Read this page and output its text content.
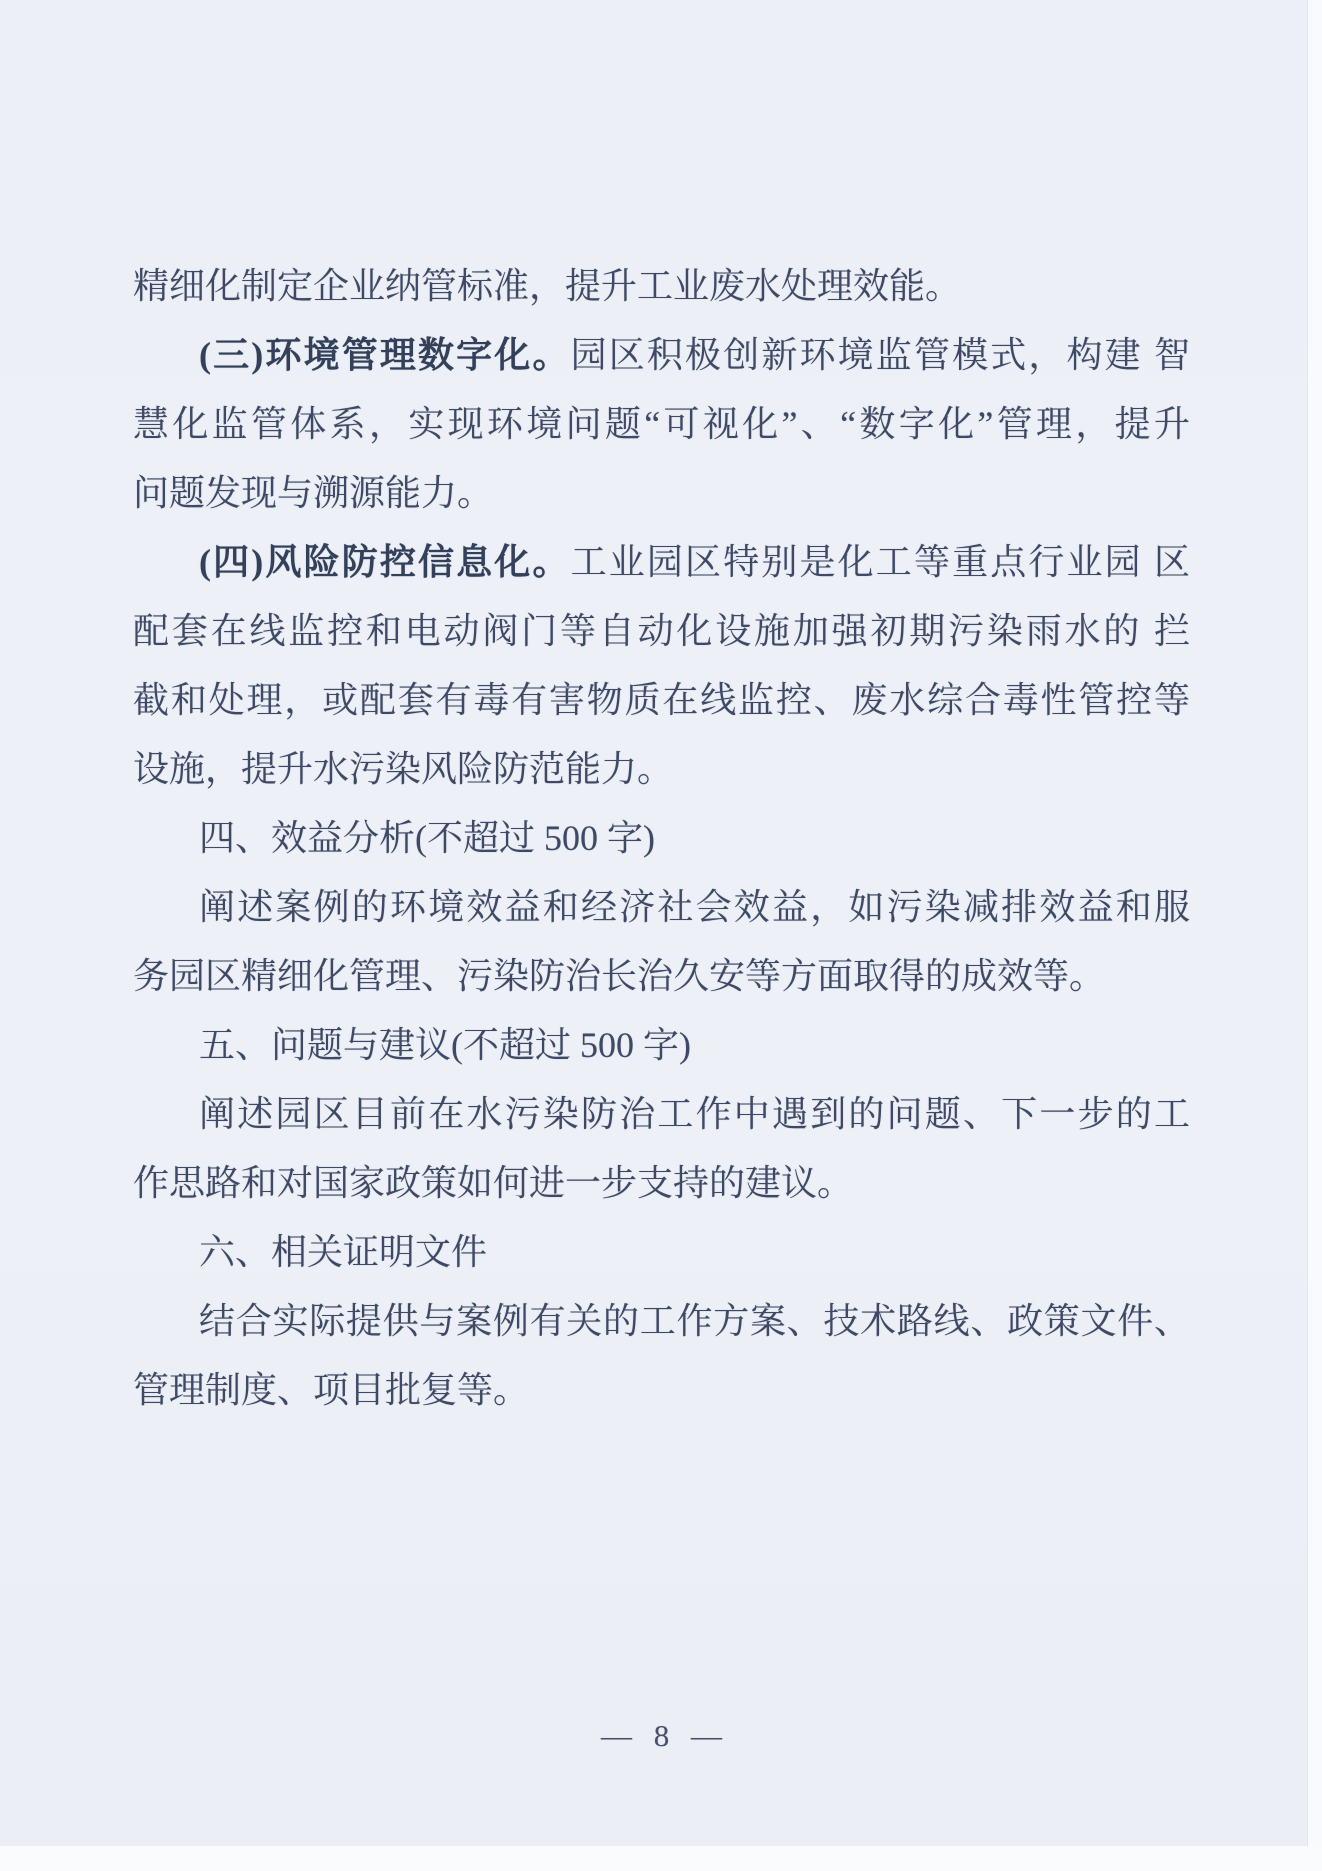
精细化制定企业纳管标准，提升工业废水处理效能。
(三)环境管理数字化。园区积极创新环境监管模式，构建 智
慧化监管体系，实现环境问题“可视化”、“数字化”管理，提升
问题发现与溯源能力。
(四)风险防控信息化。工业园区特别是化工等重点行业园 区
配套在线监控和电动阀门等自动化设施加强初期污染雨水的 拦
截和处理，或配套有毒有害物质在线监控、废水综合毒性管控等
设施，提升水污染风险防范能力。
四、效益分析(不超过 500 字)
阐述案例的环境效益和经济社会效益，如污染减排效益和服
务园区精细化管理、污染防治长治久安等方面取得的成效等。
五、问题与建议(不超过 500 字)
阐述园区目前在水污染防治工作中遇到的问题、下一步的工
作思路和对国家政策如何进一步支持的建议。
六、相关证明文件
结合实际提供与案例有关的工作方案、技术路线、政策文件、
管理制度、项目批复等。
— 8 —
